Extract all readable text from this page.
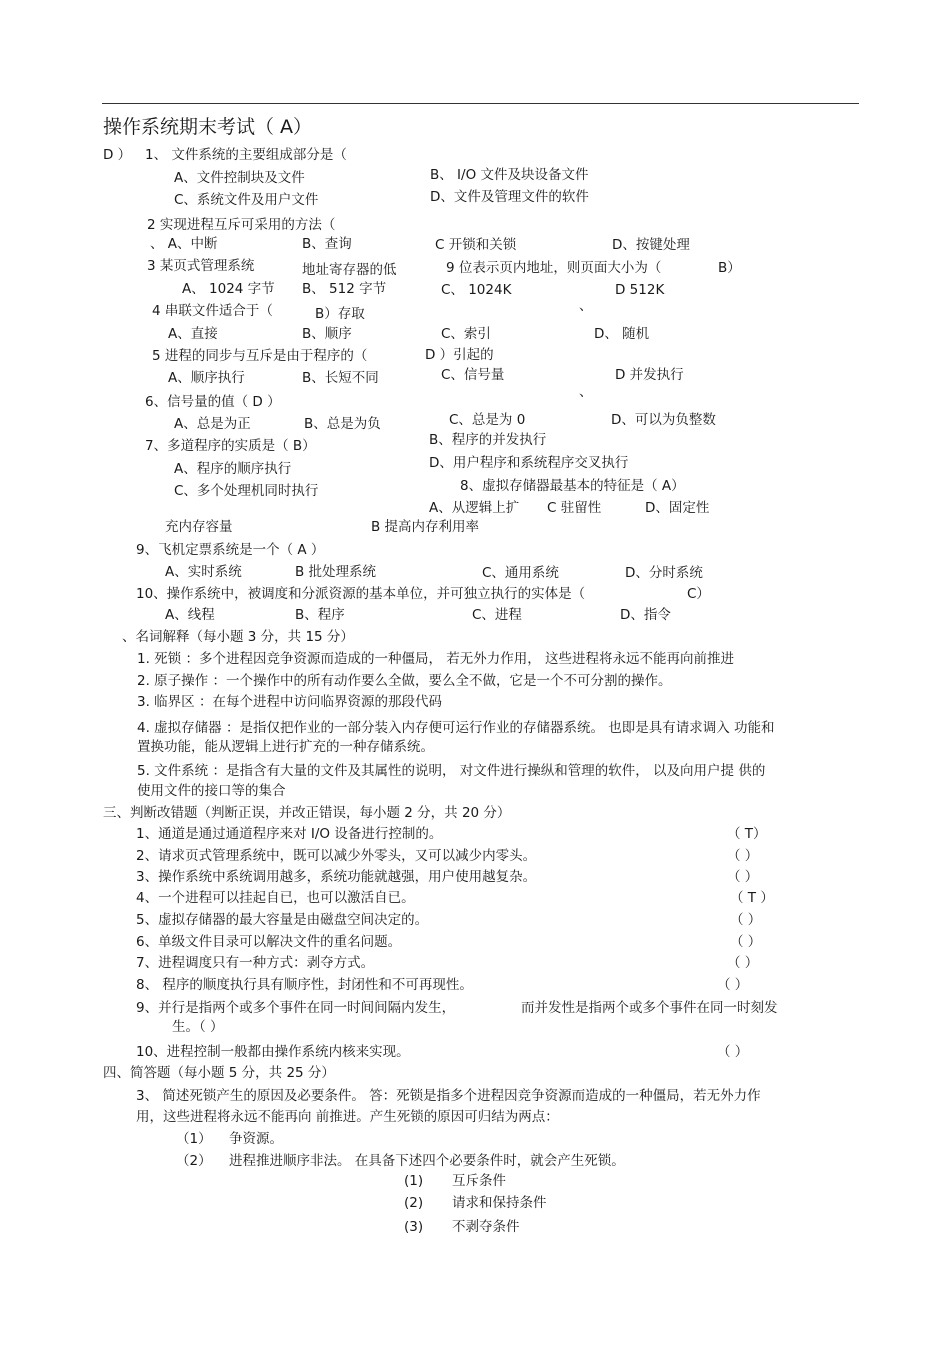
操作系统期末考试（ A）
D ） 1、 文件系统的主要组成部分是（
A、文件控制块及文件	B、 I/O 文件及块设备文件
C、系统文件及用户文件	D、文件及管理文件的软件
2 实现进程互斥可采用的方法（
、 A、中断	B、查询	C 开锁和关锁	D、按键处理
3 某页式管理系统	地址寄存器的低	9 位表示页内地址，则页面大小为（	B）
A、 1024 字节 B、 512 字节	C、 1024K	D 512K
、
4 串联文件适合于（	B）存取
A、直接	B、顺序	C、索引	D、 随机
5 进程的同步与互斥是由于程序的（	D ）引起的
A、顺序执行	B、长短不同	C、信号量	D 并发执行
、
6、信号量的值（ D ）
A、总是为正	B、总是为负	C、总是为 0	D、可以为负整数
7、多道程序的实质是（ B）
A、程序的顺序执行
B、程序的并发执行
C、多个处理机同时执行
D、用户程序和系统程序交叉执行
8、虚拟存储器最基本的特征是（ A）
A、从逻辑上扩 C 驻留性	D、固定性
充内存容量	B 提高内存利用率
9、飞机定票系统是一个（ A ）
A、实时系统	B 批处理系统	C、通用系统	D、分时系统
10、操作系统中，被调度和分派资源的基本单位，并可独立执行的实体是（	C）
A、线程	B、程序	C、进程	D、指令
、名词解释（每小题 3 分，共 15 分）
1. 死锁 ：多个进程因竞争资源而造成的一种僵局， 若无外力作用， 这些进程将永远不能再向前推进
2. 原子操作 ：一个操作中的所有动作要么全做，要么全不做，它是一个不可分割的操作。
3. 临界区 ：在每个进程中访问临界资源的那段代码
4. 虚拟存储器 ：是指仅把作业的一部分装入内存便可运行作业的存储器系统。 也即是具有请求调入 功能和
置换功能，能从逻辑上进行扩充的一种存储系统。
5. 文件系统 ：是指含有大量的文件及其属性的说明， 对文件进行操纵和管理的软件， 以及向用户提 供的
使用文件的接口等的集合
三、判断改错题（判断正误，并改正错误，每小题 2 分，共 20 分）
1、通道是通过通道程序来对 I/O 设备进行控制的。	（ T）
2、请求页式管理系统中，既可以减少外零头，又可以减少内零头。	（ ）
3、操作系统中系统调用越多，系统功能就越强，用户使用越复杂。	（ ）
4、一个进程可以挂起自已，也可以激活自已。	（ T ）
5、虚拟存储器的最大容量是由磁盘空间决定的。	（ ）
6、单级文件目录可以解决文件的重名问题。	（ ）
7、进程调度只有一种方式：剥夺方式。	（ ）
8、 程序的顺度执行具有顺序性，封闭性和不可再现性。	（ ）
9、并行是指两个或多个事件在同一时间间隔内发生，	而并发性是指两个或多个事件在同一时刻发
生。（ ）
10、进程控制一般都由操作系统内核来实现。	（ ）
四、简答题（每小题 5 分，共 25 分）
3、 简述死锁产生的原因及必要条件。 答：死锁是指多个进程因竞争资源而造成的一种僵局，若无外力作
用，这些进程将永远不能再向 前推进。产生死锁的原因可归结为两点：
（1） 争资源。
（2） 进程推进顺序非法。 在具备下述四个必要条件时，就会产生死锁。
(1) 互斥条件
(2) 请求和保持条件
(3) 不剥夺条件
